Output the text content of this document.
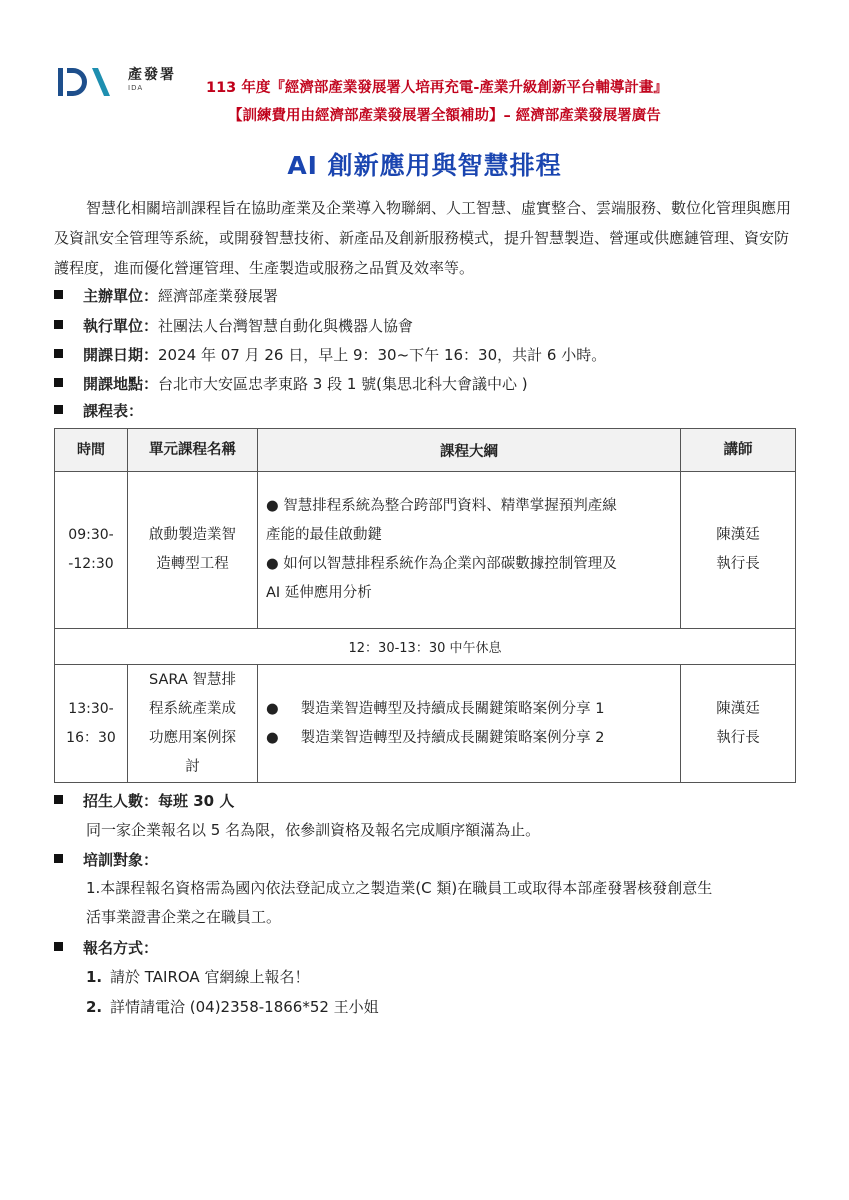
產發署
IDA	113 年度『經濟部產業發展署人培再充電-產業升級創新平台輔導計畫』
【訓練費用由經濟部產業發展署全額補助】– 經濟部產業發展署廣告
AI 創新應用與智慧排程
智慧化相關培訓課程旨在協助產業及企業導入物聯網、人工智慧、虛實整合、雲端服務、數位化管理與應用及資訊安全管理等系統，或開發智慧技術、新產品及創新服務模式，提升智慧製造、營運或供應鏈管理、資安防護程度，進而優化營運管理、生產製造或服務之品質及效率等。
主辦單位：經濟部產業發展署
執行單位：社團法人台灣智慧自動化與機器人協會
開課日期：2024 年 07 月 26 日，早上 9：30~下午 16：30，共計 6 小時。
開課地點：台北市大安區忠孝東路 3 段 1 號(集思北科大會議中心 )
課程表：
時間	單元課程名稱	課程大綱	講師

09:30-
-12:30	啟動製造業智
造轉型工程	● 智慧排程系統為整合跨部門資料、精準掌握預判產線
產能的最佳啟動鍵
● 如何以智慧排程系統作為企業內部碳數據控制管理及
AI 延伸應用分析	陳漢廷
執行長

12：30-13：30 中午休息			

13:30-
16：30	SARA 智慧排
程系統產業成
功應用案例探
討	● 製造業智造轉型及持續成長關鍵策略案例分享 1
● 製造業智造轉型及持續成長關鍵策略案例分享 2	陳漢廷
執行長
招生人數：每班 30 人
同一家企業報名以 5 名為限，依參訓資格及報名完成順序額滿為止。
培訓對象：
1.本課程報名資格需為國內依法登記成立之製造業(C 類)在職員工或取得本部產發署核發創意生
活事業證書企業之在職員工。
報名方式：
1. 請於 TAIROA 官網線上報名！
2. 詳情請電洽 (04)2358-1866*52 王小姐
